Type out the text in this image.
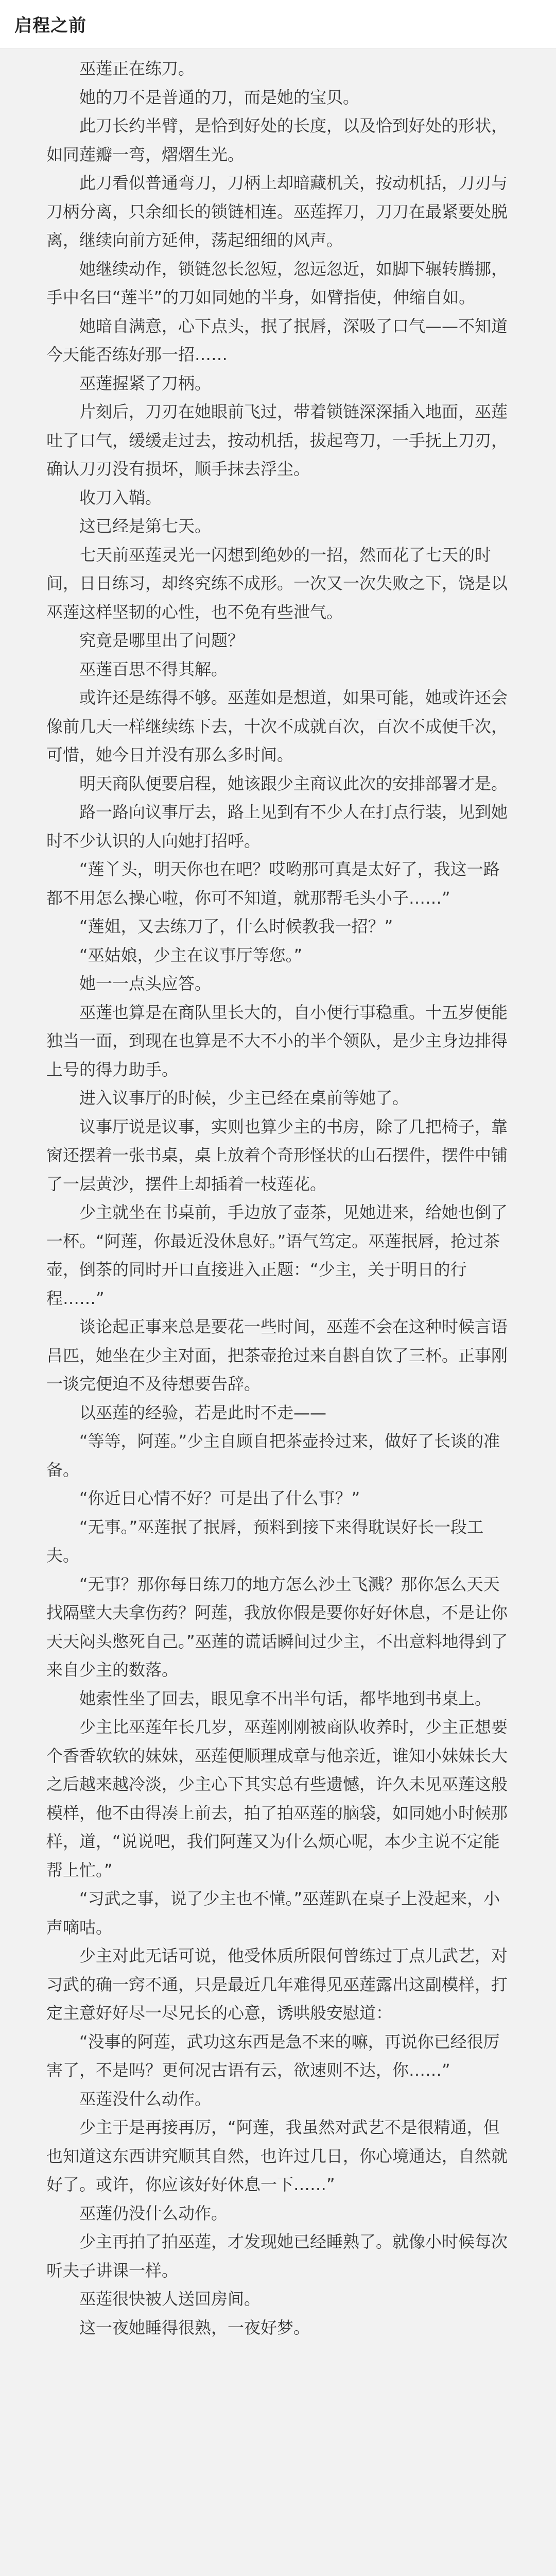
启程之前

巫莲正在练刀。

她的刀不是普通的刀，而是她的宝贝。

此刀长约半臂，是恰到好处的长度，以及恰到好处的形状，如同莲瓣一弯，熠熠生光。

此刀看似普通弯刀，刀柄上却暗藏机关，按动机括，刀刃与刀柄分离，只余细长的锁链相连。巫莲挥刀，刀刀在最紧要处脱离，继续向前方延伸，荡起细细的风声。

她继续动作，锁链忽长忽短，忽远忽近，如脚下辗转腾挪，手中名曰“莲半”的刀如同她的半身，如臂指使，伸缩自如。

她暗自满意，心下点头，抿了抿唇，深吸了口气——不知道今天能否练好那一招……

巫莲握紧了刀柄。

片刻后，刀刃在她眼前飞过，带着锁链深深插入地面，巫莲吐了口气，缓缓走过去，按动机括，拔起弯刀，一手抚上刀刃，确认刀刃没有损坏，顺手抹去浮尘。

收刀入鞘。

这已经是第七天。

七天前巫莲灵光一闪想到绝妙的一招，然而花了七天的时间，日日练习，却终究练不成形。一次又一次失败之下，饶是以巫莲这样坚韧的心性，也不免有些泄气。

究竟是哪里出了问题？

巫莲百思不得其解。

或许还是练得不够。巫莲如是想道，如果可能，她或许还会像前几天一样继续练下去，十次不成就百次，百次不成便千次，可惜，她今日并没有那么多时间。

明天商队便要启程，她该跟少主商议此次的安排部署才是。

路一路向议事厅去，路上见到有不少人在打点行装，见到她时不少认识的人向她打招呼。

“莲丫头，明天你也在吧？哎哟那可真是太好了，我这一路都不用怎么操心啦，你可不知道，就那帮毛头小子……”

“莲姐，又去练刀了，什么时候教我一招？”

“巫姑娘，少主在议事厅等您。”

她一一点头应答。

巫莲也算是在商队里长大的，自小便行事稳重。十五岁便能独当一面，到现在也算是不大不小的半个领队，是少主身边排得上号的得力助手。

进入议事厅的时候，少主已经在桌前等她了。

议事厅说是议事，实则也算少主的书房，除了几把椅子，靠窗还摆着一张书桌，桌上放着个奇形怪状的山石摆件，摆件中铺了一层黄沙，摆件上却插着一枝莲花。

少主就坐在书桌前，手边放了壶茶，见她进来，给她也倒了一杯。“阿莲，你最近没休息好。”语气笃定。巫莲抿唇，抢过茶壶，倒茶的同时开口直接进入正题：“少主，关于明日的行程……”

谈论起正事来总是要花一些时间，巫莲不会在这种时候言语吕匹，她坐在少主对面，把茶壶抢过来自斟自饮了三杯。正事刚一谈完便迫不及待想要告辞。

以巫莲的经验，若是此时不走——

“等等，阿莲。”少主自顾自把茶壶拎过来，做好了长谈的准备。

“你近日心情不好？可是出了什么事？”

“无事。”巫莲抿了抿唇，预料到接下来得耽误好长一段工夫。

“无事？那你每日练刀的地方怎么沙土飞溅？那你怎么天天找隔壁大夫拿伤药？阿莲，我放你假是要你好好休息，不是让你天天闷头憋死自己。”巫莲的谎话瞬间过少主，不出意料地得到了来自少主的数落。

她索性坐了回去，眼见拿不出半句话，都毕地到书桌上。

少主比巫莲年长几岁，巫莲刚刚被商队收养时，少主正想要个香香软软的妹妹，巫莲便顺理成章与他亲近，谁知小妹妹长大之后越来越冷淡，少主心下其实总有些遗憾，许久未见巫莲这般模样，他不由得凑上前去，拍了拍巫莲的脑袋，如同她小时候那样，道，“说说吧，我们阿莲又为什么烦心呢，本少主说不定能帮上忙。”

“习武之事，说了少主也不懂。”巫莲趴在桌子上没起来，小声嘀咕。

少主对此无话可说，他受体质所限何曾练过丁点儿武艺，对习武的确一窍不通，只是最近几年难得见巫莲露出这副模样，打定主意好好尽一尽兄长的心意，诱哄般安慰道：

“没事的阿莲，武功这东西是急不来的嘛，再说你已经很厉害了，不是吗？更何况古语有云，欲速则不达，你……”

巫莲没什么动作。

少主于是再接再厉，“阿莲，我虽然对武艺不是很精通，但也知道这东西讲究顺其自然，也许过几日，你心境通达，自然就好了。或许，你应该好好休息一下……”

巫莲仍没什么动作。

少主再拍了拍巫莲，才发现她已经睡熟了。就像小时候每次听夫子讲课一样。

巫莲很快被人送回房间。

这一夜她睡得很熟，一夜好梦。
